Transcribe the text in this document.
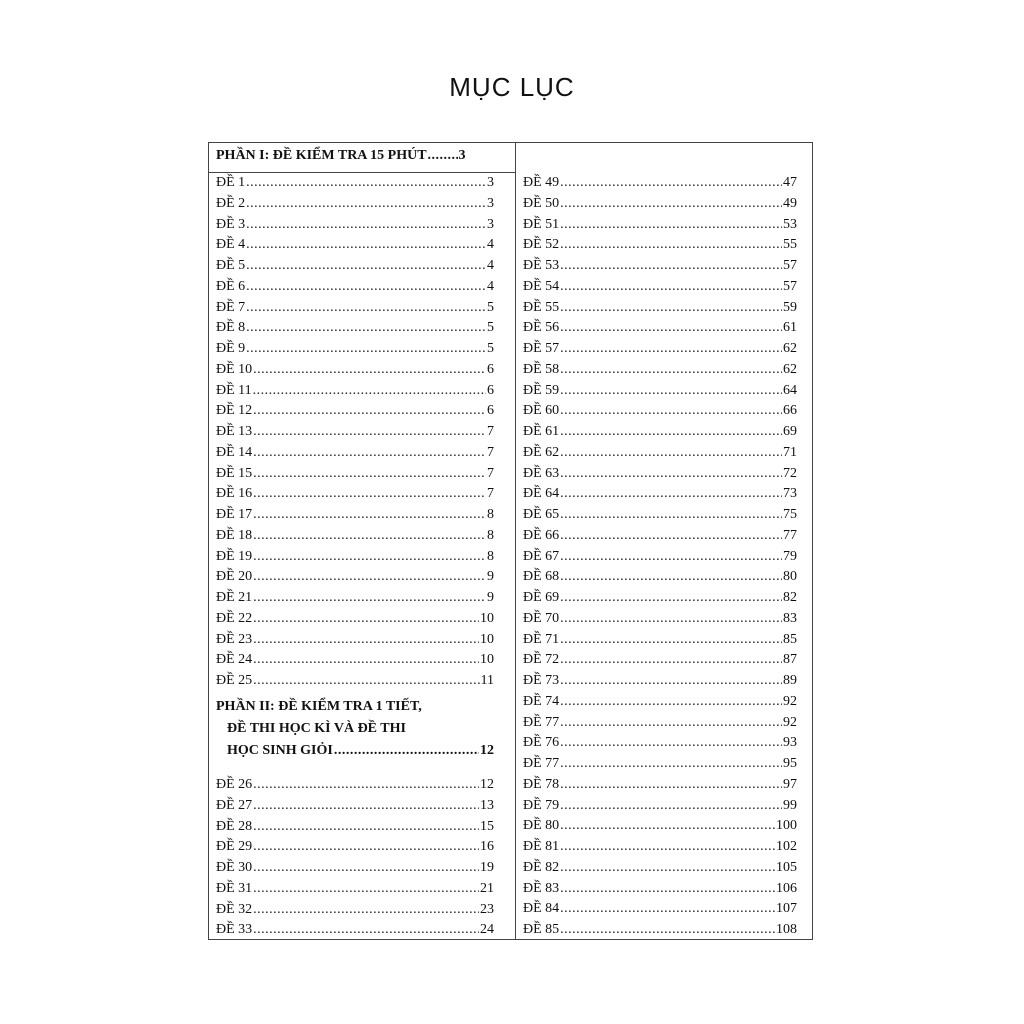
MỤC LỤC
PHẦN I: ĐỀ KIỂM TRA 15 PHÚT ..... 3
ĐỀ 1 .....	3
ĐỀ 2 .....	3
ĐỀ 3 .....	3
ĐỀ 4 .....	4
ĐỀ 5 .....	4
ĐỀ 6 .....	4
ĐỀ 7 .....	5
ĐỀ 8 .....	5
ĐỀ 9 .....	5
ĐỀ 10 .....	6
ĐỀ 11 .....	6
ĐỀ 12 .....	6
ĐỀ 13 .....	7
ĐỀ 14 .....	7
ĐỀ 15 .....	7
ĐỀ 16 .....	7
ĐỀ 17 .....	8
ĐỀ 18 .....	8
ĐỀ 19 .....	8
ĐỀ 20 .....	9
ĐỀ 21 .....	9
ĐỀ 22 .....	10
ĐỀ 23 .....	10
ĐỀ 24 .....	10
ĐỀ 25 .....	11
PHẦN II: ĐỀ KIỂM TRA 1 TIẾT,
ĐỀ THI HỌC KÌ VÀ ĐỀ THI
HỌC SINH GIỎI .....	12
ĐỀ 26 .....	12
ĐỀ 27 .....	13
ĐỀ 28 .....	15
ĐỀ 29 .....	16
ĐỀ 30 .....	19
ĐỀ 31 .....	21
ĐỀ 32 .....	23
ĐỀ 33 .....	24
ĐỀ 49 .....	47
ĐỀ 50 .....	49
ĐỀ 51 .....	53
ĐỀ 52 .....	55
ĐỀ 53 .....	57
ĐỀ 54 .....	57
ĐỀ 55 .....	59
ĐỀ 56 .....	61
ĐỀ 57 .....	62
ĐỀ 58 .....	62
ĐỀ 59 .....	64
ĐỀ 60 .....	66
ĐỀ 61 .....	69
ĐỀ 62 .....	71
ĐỀ 63 .....	72
ĐỀ 64 .....	73
ĐỀ 65 .....	75
ĐỀ 66 .....	77
ĐỀ 67 .....	79
ĐỀ 68 .....	80
ĐỀ 69 .....	82
ĐỀ 70 .....	83
ĐỀ 71 .....	85
ĐỀ 72 .....	87
ĐỀ 73 .....	89
ĐỀ 74 .....	92
ĐỀ 77 .....	92
ĐỀ 76 .....	93
ĐỀ 77 .....	95
ĐỀ 78 .....	97
ĐỀ 79 .....	99
ĐỀ 80 .....	100
ĐỀ 81 .....	102
ĐỀ 82 .....	105
ĐỀ 83 .....	106
ĐỀ 84 .....	107
ĐỀ 85 .....	108
